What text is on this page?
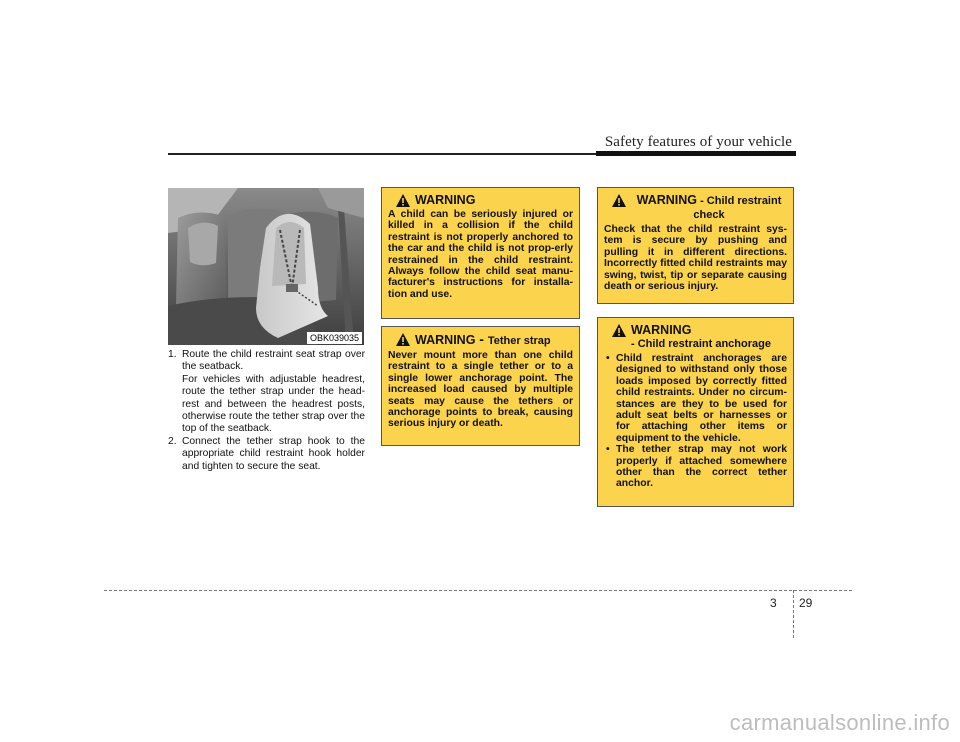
Safety features of your vehicle
OBK039035
1. Route the child restraint seat strap over the seatback.
For vehicles with adjustable headrest, route the tether strap under the head-rest and between the headrest posts, otherwise route the tether strap over the top of the seatback.
2. Connect the tether strap hook to the appropriate child restraint hook holder and tighten to secure the seat.
WARNING
A child can be seriously injured or killed in a collision if the child restraint is not properly anchored to the car and the child is not prop-erly restrained in the child restraint. Always follow the child seat manu-facturer's instructions for installa-tion and use.
WARNING - Tether strap
Never mount more than one child restraint to a single tether or to a single lower anchorage point. The increased load caused by multiple seats may cause the tethers or anchorage points to break, causing serious injury or death.
WARNING - Child restraint check
Check that the child restraint sys-tem is secure by pushing and pulling it in different directions. Incorrectly fitted child restraints may swing, twist, tip or separate causing death or serious injury.
WARNING
- Child restraint anchorage
• Child restraint anchorages are designed to withstand only those loads imposed by correctly fitted child restraints. Under no circum-stances are they to be used for adult seat belts or harnesses or for attaching other items or equipment to the vehicle.
• The tether strap may not work properly if attached somewhere other than the correct tether anchor.
3 29
carmanualsonline.info
